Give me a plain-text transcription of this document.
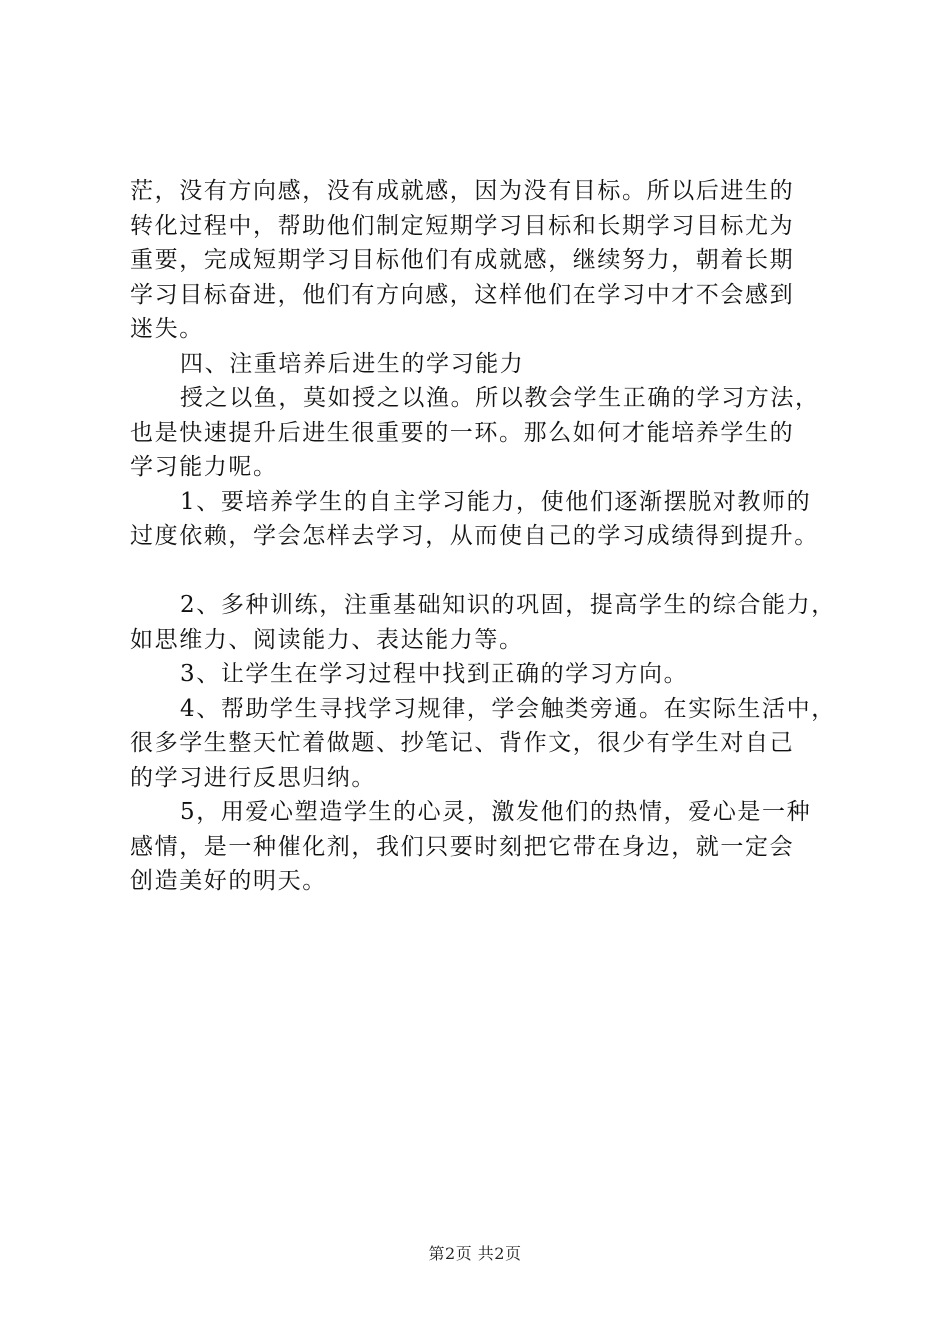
茫，没有方向感，没有成就感，因为没有目标。所以后进生的
转化过程中，帮助他们制定短期学习目标和长期学习目标尤为
重要，完成短期学习目标他们有成就感，继续努力，朝着长期
学习目标奋进，他们有方向感，这样他们在学习中才不会感到
迷失。
四、注重培养后进生的学习能力
授之以鱼，莫如授之以渔。所以教会学生正确的学习方法，
也是快速提升后进生很重要的一环。那么如何才能培养学生的
学习能力呢。
1、要培养学生的自主学习能力，使他们逐渐摆脱对教师的
过度依赖，学会怎样去学习，从而使自己的学习成绩得到提升。
2、多种训练，注重基础知识的巩固，提高学生的综合能力，
如思维力、阅读能力、表达能力等。
3、让学生在学习过程中找到正确的学习方向。
4、帮助学生寻找学习规律，学会触类旁通。在实际生活中，
很多学生整天忙着做题、抄笔记、背作文，很少有学生对自己
的学习进行反思归纳。
5，用爱心塑造学生的心灵，激发他们的热情，爱心是一种
感情，是一种催化剂，我们只要时刻把它带在身边，就一定会
创造美好的明天。
第2页 共2页
